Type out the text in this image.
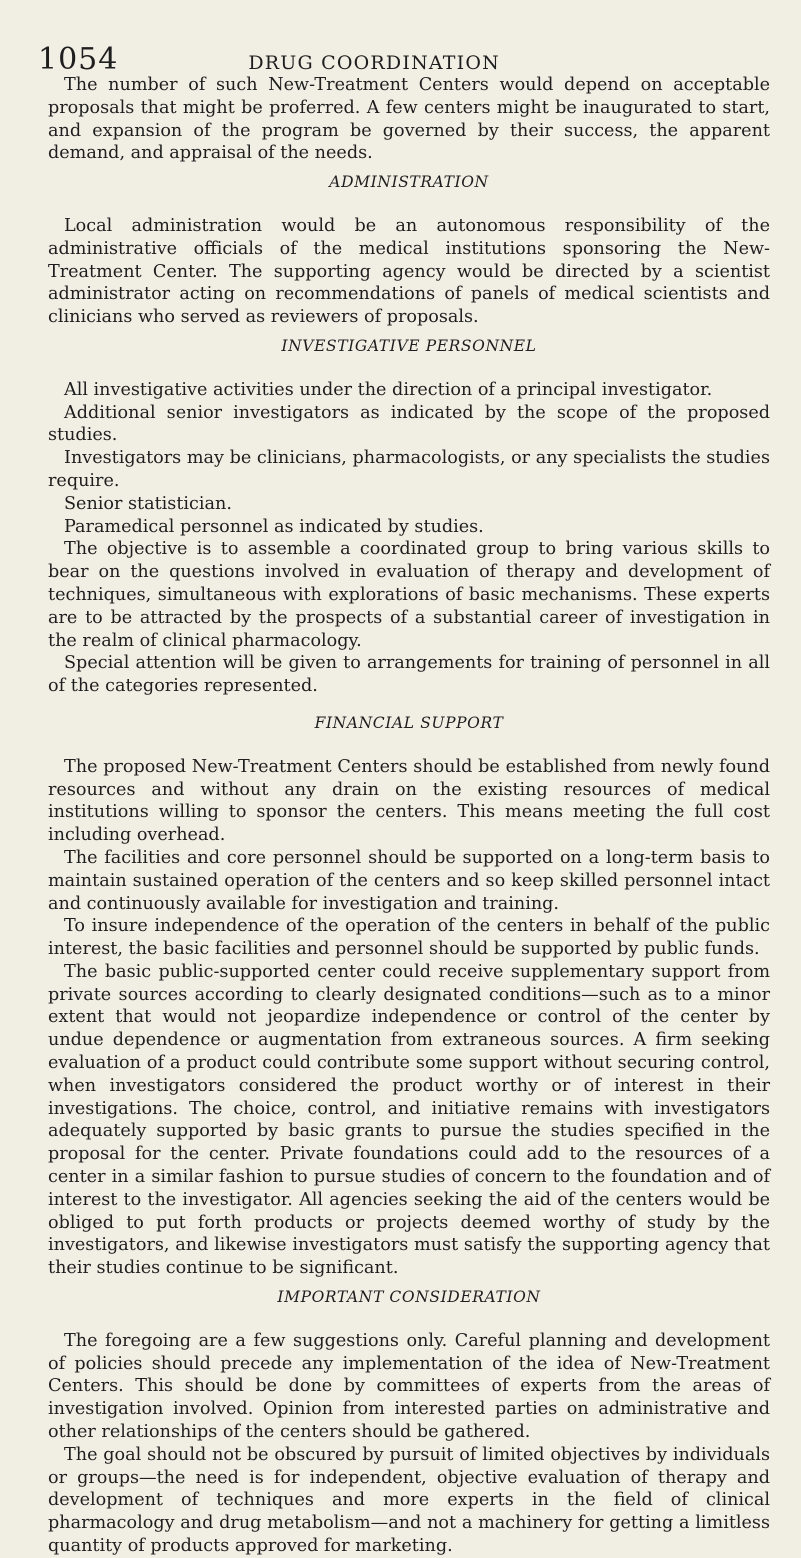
1054	DRUG COORDINATION

The number of such New-Treatment Centers would depend on acceptable proposals that might be proferred. A few centers might be inaugurated to start, and expansion of the program be governed by their success, the apparent demand, and appraisal of the needs.

ADMINISTRATION

Local administration would be an autonomous responsibility of the administrative officials of the medical institutions sponsoring the New-Treatment Center. The supporting agency would be directed by a scientist administrator acting on recommendations of panels of medical scientists and clinicians who served as reviewers of proposals.

INVESTIGATIVE PERSONNEL

All investigative activities under the direction of a principal investigator.

Additional senior investigators as indicated by the scope of the proposed studies.

Investigators may be clinicians, pharmacologists, or any specialists the studies require.

Senior statistician.

Paramedical personnel as indicated by studies.

The objective is to assemble a coordinated group to bring various skills to bear on the questions involved in evaluation of therapy and development of techniques, simultaneous with explorations of basic mechanisms. These experts are to be attracted by the prospects of a substantial career of investigation in the realm of clinical pharmacology.

Special attention will be given to arrangements for training of personnel in all of the categories represented.

FINANCIAL SUPPORT

The proposed New-Treatment Centers should be established from newly found resources and without any drain on the existing resources of medical institutions willing to sponsor the centers. This means meeting the full cost including overhead.

The facilities and core personnel should be supported on a long-term basis to maintain sustained operation of the centers and so keep skilled personnel intact and continuously available for investigation and training.

To insure independence of the operation of the centers in behalf of the public interest, the basic facilities and personnel should be supported by public funds.

The basic public-supported center could receive supplementary support from private sources according to clearly designated conditions—such as to a minor extent that would not jeopardize independence or control of the center by undue dependence or augmentation from extraneous sources. A firm seeking evaluation of a product could contribute some support without securing control, when investigators considered the product worthy or of interest in their investigations. The choice, control, and initiative remains with investigators adequately supported by basic grants to pursue the studies specified in the proposal for the center. Private foundations could add to the resources of a center in a similar fashion to pursue studies of concern to the foundation and of interest to the investigator. All agencies seeking the aid of the centers would be obliged to put forth products or projects deemed worthy of study by the investigators, and likewise investigators must satisfy the supporting agency that their studies continue to be significant.

IMPORTANT CONSIDERATION

The foregoing are a few suggestions only. Careful planning and development of policies should precede any implementation of the idea of New-Treatment Centers. This should be done by committees of experts from the areas of investigation involved. Opinion from interested parties on administrative and other relationships of the centers should be gathered.

The goal should not be obscured by pursuit of limited objectives by individuals or groups—the need is for independent, objective evaluation of therapy and development of techniques and more experts in the field of clinical pharmacology and drug metabolism—and not a machinery for getting a limitless quantity of products approved for marketing.
